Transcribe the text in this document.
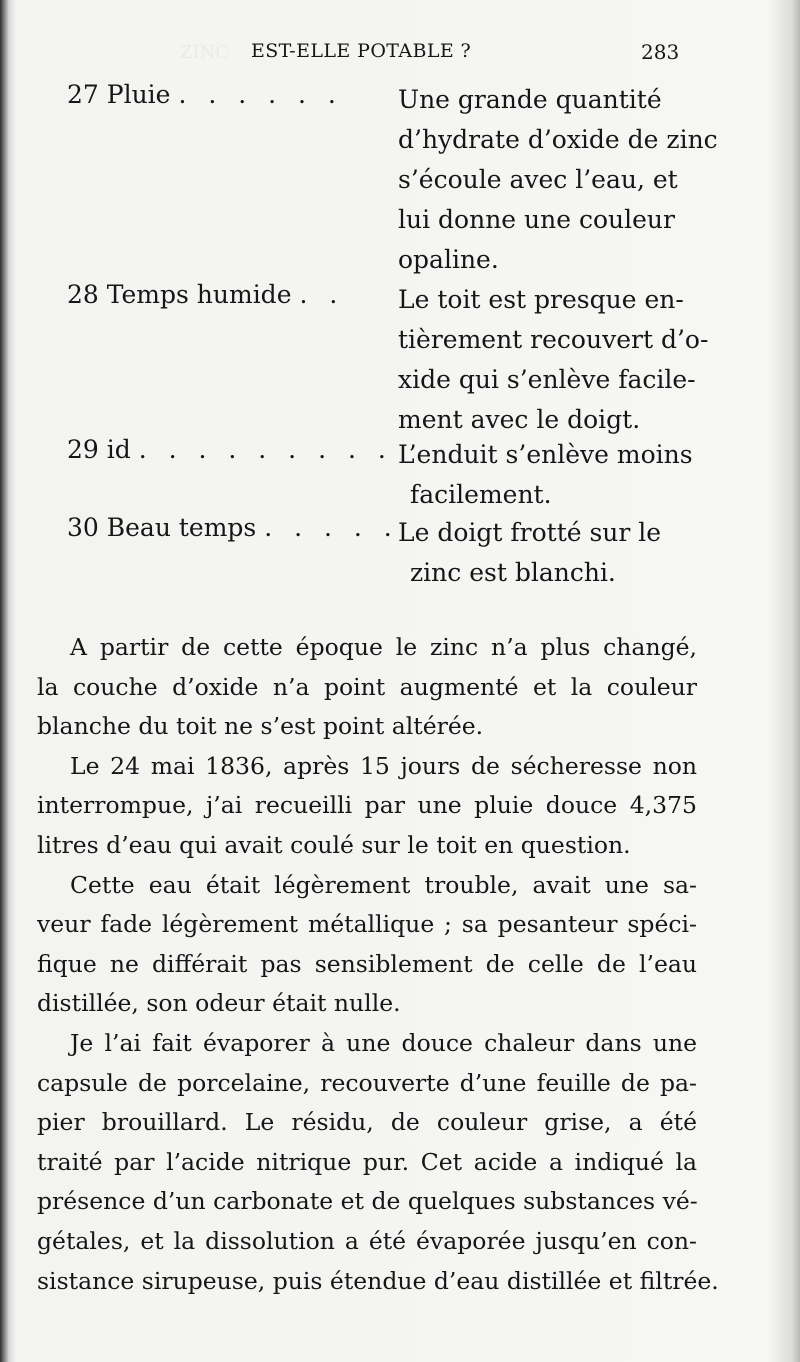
EST-ELLE POTABLE ?	283
27 Pluie . . . . . . Une grande quantité
d’hydrate d’oxide de zinc
s’écoule avec l’eau, et
lui donne une couleur
opaline.
28 Temps humide . . Le toit est presque en-
tièrement recouvert d’o-
xide qui s’enlève facile-
ment avec le doigt.
29 id . . . . . . . . . L’enduit s’enlève moins
facilement.
30 Beau temps . . . . . Le doigt frotté sur le
zinc est blanchi.
A partir de cette époque le zinc n’a plus changé,
la couche d’oxide n’a point augmenté et la couleur
blanche du toit ne s’est point altérée.
Le 24 mai 1836, après 15 jours de sécheresse non
interrompue, j’ai recueilli par une pluie douce 4,375
litres d’eau qui avait coulé sur le toit en question.
Cette eau était légèrement trouble, avait une sa-
veur fade légèrement métallique ; sa pesanteur spéci-
fique ne différait pas sensiblement de celle de l’eau
distillée, son odeur était nulle.
Je l’ai fait évaporer à une douce chaleur dans une
capsule de porcelaine, recouverte d’une feuille de pa-
pier brouillard. Le résidu, de couleur grise, a été
traité par l’acide nitrique pur. Cet acide a indiqué la
présence d’un carbonate et de quelques substances vé-
gétales, et la dissolution a été évaporée jusqu’en con-
sistance sirupeuse, puis étendue d’eau distillée et filtrée.
